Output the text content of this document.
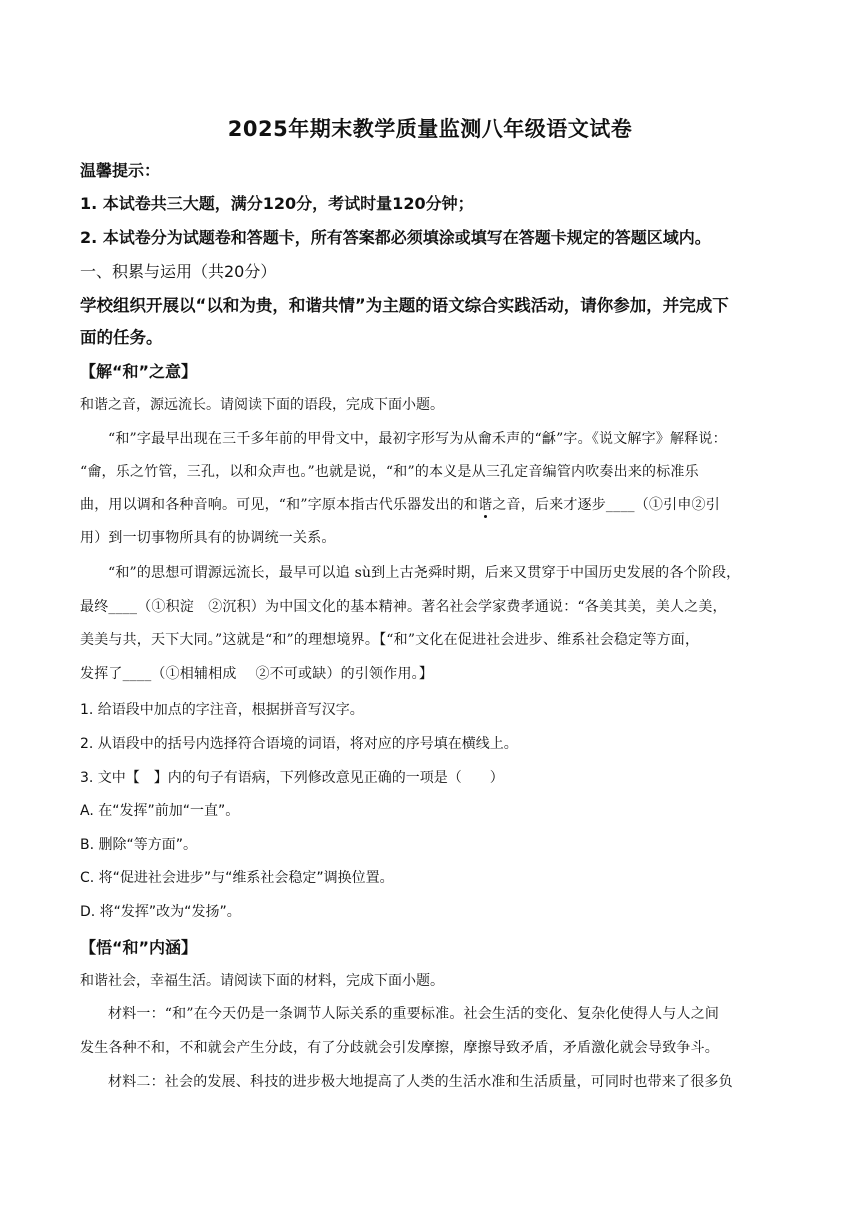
2025年期末教学质量监测八年级语文试卷
温馨提示：
1. 本试卷共三大题，满分120分，考试时量120分钟；
2. 本试卷分为试题卷和答题卡，所有答案都必须填涂或填写在答题卡规定的答题区域内。
一、积累与运用（共20分）
学校组织开展以“以和为贵，和谐共情”为主题的语文综合实践活动，请你参加，并完成下
面的任务。
【解“和”之意】
和谐之音，源远流长。请阅读下面的语段，完成下面小题。
“和”字最早出现在三千多年前的甲骨文中，最初字形写为从龠禾声的“龢”字。《说文解字》解释说：
“龠，乐之竹管，三孔，以和众声也。”也就是说，“和”的本义是从三孔定音编管内吹奏出来的标准乐
曲，用以调和各种音响。可见，“和”字原本指古代乐器发出的和谐之音，后来才逐步____（①引申②引
用）到一切事物所具有的协调统一关系。
“和”的思想可谓源远流长，最早可以追 sù到上古尧舜时期，后来又贯穿于中国历史发展的各个阶段，
最终____（①积淀　②沉积）为中国文化的基本精神。著名社会学家费孝通说：“各美其美，美人之美，
美美与共，天下大同。”这就是“和”的理想境界。【“和”文化在促进社会进步、维系社会稳定等方面，
发挥了____（①相辅相成　 ②不可或缺）的引领作用。】
1. 给语段中加点的字注音，根据拼音写汉字。
2. 从语段中的括号内选择符合语境的词语，将对应的序号填在横线上。
3. 文中【　】内的句子有语病，下列修改意见正确的一项是（　　）
A. 在“发挥”前加“一直”。
B. 删除“等方面”。
C. 将“促进社会进步”与“维系社会稳定”调换位置。
D. 将“发挥”改为“发扬”。
【悟“和”内涵】
和谐社会，幸福生活。请阅读下面的材料，完成下面小题。
材料一：“和”在今天仍是一条调节人际关系的重要标准。社会生活的变化、复杂化使得人与人之间
发生各种不和，不和就会产生分歧，有了分歧就会引发摩擦，摩擦导致矛盾，矛盾激化就会导致争斗。
材料二：社会的发展、科技的进步极大地提高了人类的生活水准和生活质量，可同时也带来了很多负
